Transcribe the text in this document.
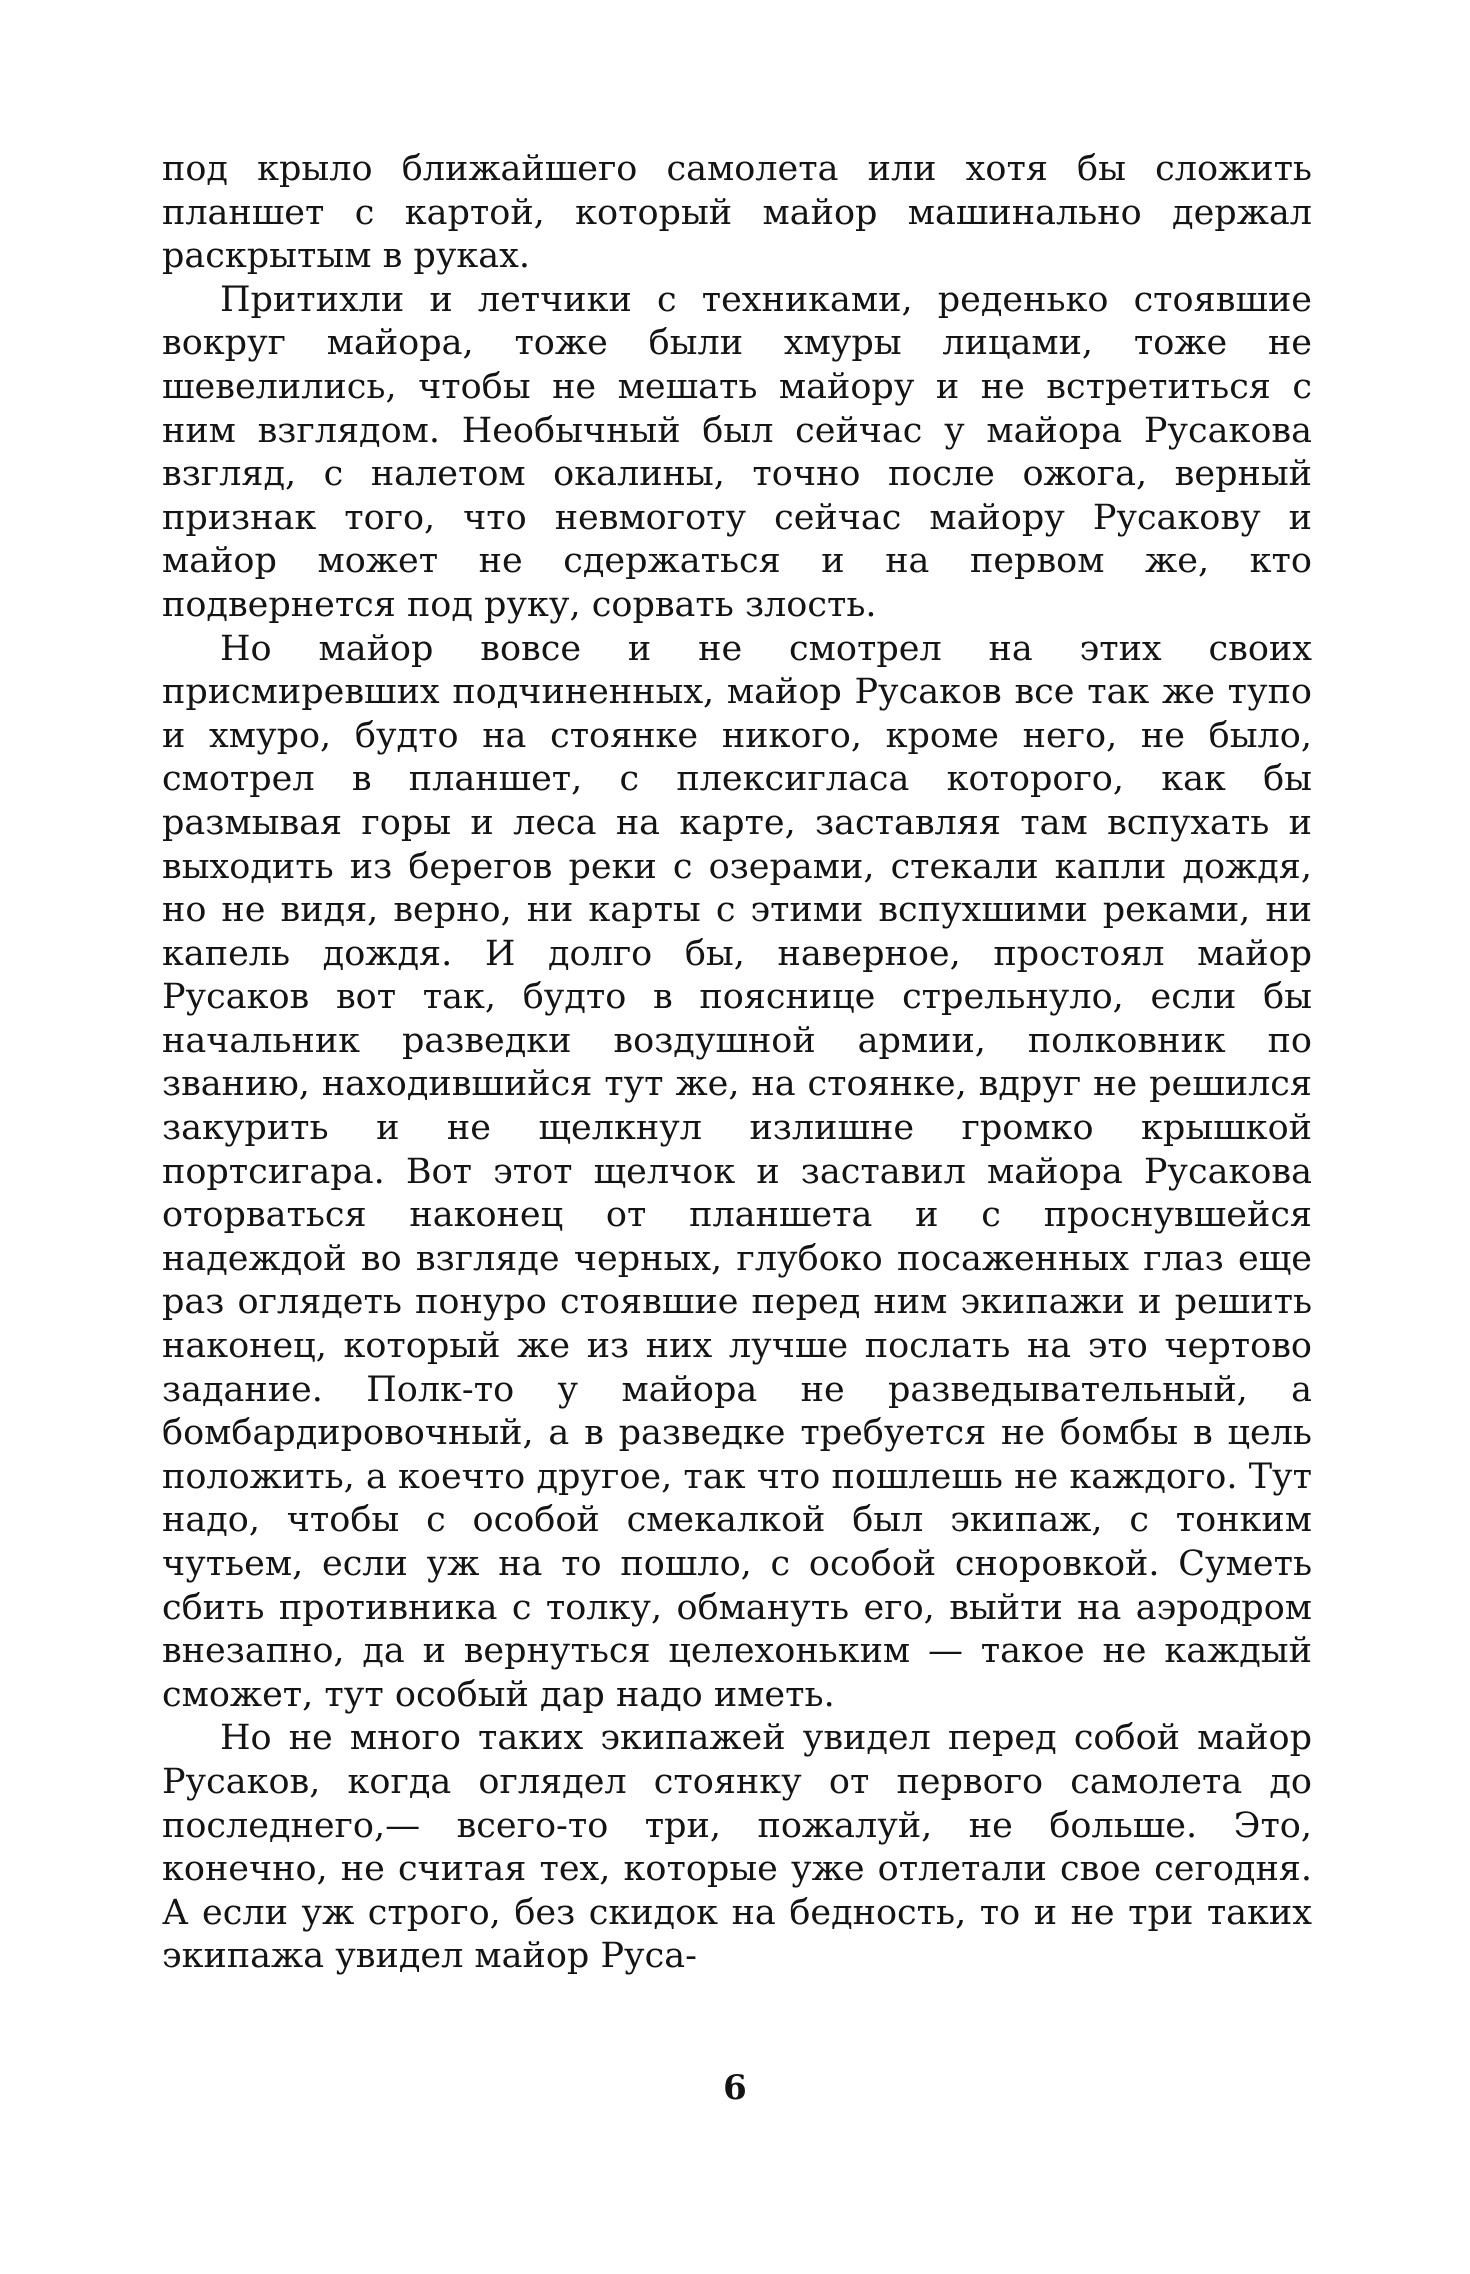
под крыло ближайшего самолета или хотя бы сложить планшет с картой, который майор машинально держал раскрытым в руках.

Притихли и летчики с техниками, реденько стоявшие вокруг майора, тоже были хмуры лицами, тоже не шевелились, чтобы не мешать майору и не встретиться с ним взглядом. Необычный был сейчас у майора Русакова взгляд, с налетом окалины, точно после ожога, верный признак того, что невмоготу сейчас майору Русакову и майор может не сдержаться и на первом же, кто подвернется под руку, сорвать злость.

Но майор вовсе и не смотрел на этих своих присмиревших подчиненных, майор Русаков все так же тупо и хмуро, будто на стоянке никого, кроме него, не было, смотрел в планшет, с плексигласа которого, как бы размывая горы и леса на карте, заставляя там вспухать и выходить из берегов реки с озерами, стекали капли дождя, но не видя, верно, ни карты с этими вспухшими реками, ни капель дождя. И долго бы, наверное, простоял майор Русаков вот так, будто в пояснице стрельнуло, если бы начальник разведки воздушной армии, полковник по званию, находившийся тут же, на стоянке, вдруг не решился закурить и не щелкнул излишне громко крышкой портсигара. Вот этот щелчок и заставил майора Русакова оторваться наконец от планшета и с проснувшейся надеждой во взгляде черных, глубоко посаженных глаз еще раз оглядеть понуро стоявшие перед ним экипажи и решить наконец, который же из них лучше послать на это чертово задание. Полк-то у майора не разведывательный, а бомбардировочный, а в разведке требуется не бомбы в цель положить, а коечто другое, так что пошлешь не каждого. Тут надо, чтобы с особой смекалкой был экипаж, с тонким чутьем, если уж на то пошло, с особой сноровкой. Суметь сбить противника с толку, обмануть его, выйти на аэродром внезапно, да и вернуться целехоньким — такое не каждый сможет, тут особый дар надо иметь.

Но не много таких экипажей увидел перед собой майор Русаков, когда оглядел стоянку от первого самолета до последнего,— всего-то три, пожалуй, не больше. Это, конечно, не считая тех, которые уже отлетали свое сегодня. А если уж строго, без скидок на бедность, то и не три таких экипажа увидел майор Руса-

6
